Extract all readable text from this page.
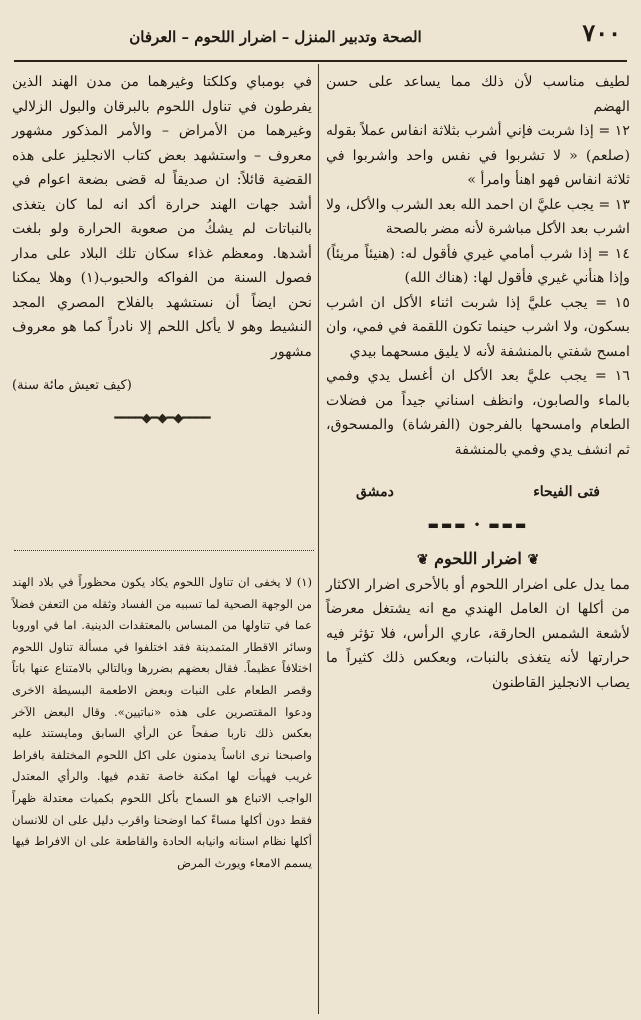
٧٠٠
الصحة وتدبير المنزل – اضرار اللحوم – العرفان

لطيف مناسب لأن ذلك مما يساعد على حسن الهضم

١٢ = إذا شربت فإني أشرب بثلاثة انفاس عملاً بقوله (صلعم) « لا تشربوا في نفس واحد واشربوا في ثلاثة انفاس فهو اهنأ وامرأ »

١٣ = يجب عليَّ ان احمد الله بعد الشرب والأكل، ولا اشرب بعد الأكل مباشرة لأنه مضر بالصحة

١٤ = إذا شرب أمامي غيري فأقول له: (هنيئاً مريئاً) وإذا هنأني غيري فأقول لها: (هناك الله)

١٥ = يجب عليَّ إذا شربت اثناء الأكل ان اشرب بسكون، ولا اشرب حينما تكون اللقمة في فمي، وان امسح شفتي بالمنشفة لأنه لا يليق مسحهما بيدي

١٦ = يجب عليَّ بعد الأكل ان أغسل يدي وفمي بالماء والصابون، وانظف اسناني جيداً من فضلات الطعام وامسحها بالفرجون (الفرشاة) والمسحوق، ثم انشف يدي وفمي بالمنشفة

فتى الفيحاء
دمشق
▬▬▬ • ▬▬▬
❦ اضرار اللحوم ❦

مما يدل على اضرار اللحوم أو بالأحرى اضرار الاكثار من أكلها ان العامل الهندي مع انه يشتغل معرضاً لأشعة الشمس الحارقة، عاري الرأس، فلا تؤثر فيه حرارتها لأنه يتغذى بالنبات، وبعكس ذلك كثيراً ما يصاب الانجليز القاطنون

في بومباي وكلكتا وغيرهما من مدن الهند الذين يفرطون في تناول اللحوم بالبرقان والبول الزلالي وغيرهما من الأمراض – والأمر المذكور مشهور معروف – واستشهد بعض كتاب الانجليز على هذه القضية قائلاً: ان صديقاً له قضى بضعة اعوام في أشد جهات الهند حرارة أكد انه لما كان يتغذى بالنباتات لم يشكُ من صعوبة الحرارة ولو بلغت أشدها. ومعظم غذاء سكان تلك البلاد على مدار فصول السنة من الفواكه والحبوب(١) وهلا يمكنا نحن ايضاً أن نستشهد بالفلاح المصري المجد النشيط وهو لا يأكل اللحم إلا نادراً كما هو معروف مشهور

(كيف تعيش مائة سنة)

━━━━◆━◆━◆━━━━

(١) لا يخفى ان تناول اللحوم يكاد يكون محظوراً في بلاد الهند من الوجهة الصحية لما تسببه من الفساد وثقله من التعفن فضلاً عما في تناولها من المساس بالمعتقدات الدينية. اما في اوروبا وسائر الاقطار المتمدينة فقد اختلفوا في مسألة تناول اللحوم اختلافاً عظيماً. فقال بعضهم بضررها وبالتالي بالامتناع عنها باتاً وقصر الطعام على النبات وبعض الاطعمة البسيطة الاخرى ودعوا المقتصرين على هذه «نباتيين». وقال البعض الآخر بعكس ذلك ناربا صفحاً عن الرأي السابق ومايستند عليه واصبحنا نرى اناساً يدمنون على اكل اللحوم المختلفة بافراط غريب فهيأت لها امكنة خاصة تقدم فيها. والرأي المعتدل الواجب الاتباع هو السماح بأكل اللحوم بكميات معتدلة ظهراً فقط دون أكلها مساءً كما اوضحنا واقرب دليل على ان للانسان أكلها نظام اسنانه وانيابه الحادة والقاطعة على ان الافراط فيها يسمم الامعاء ويورث المرض
